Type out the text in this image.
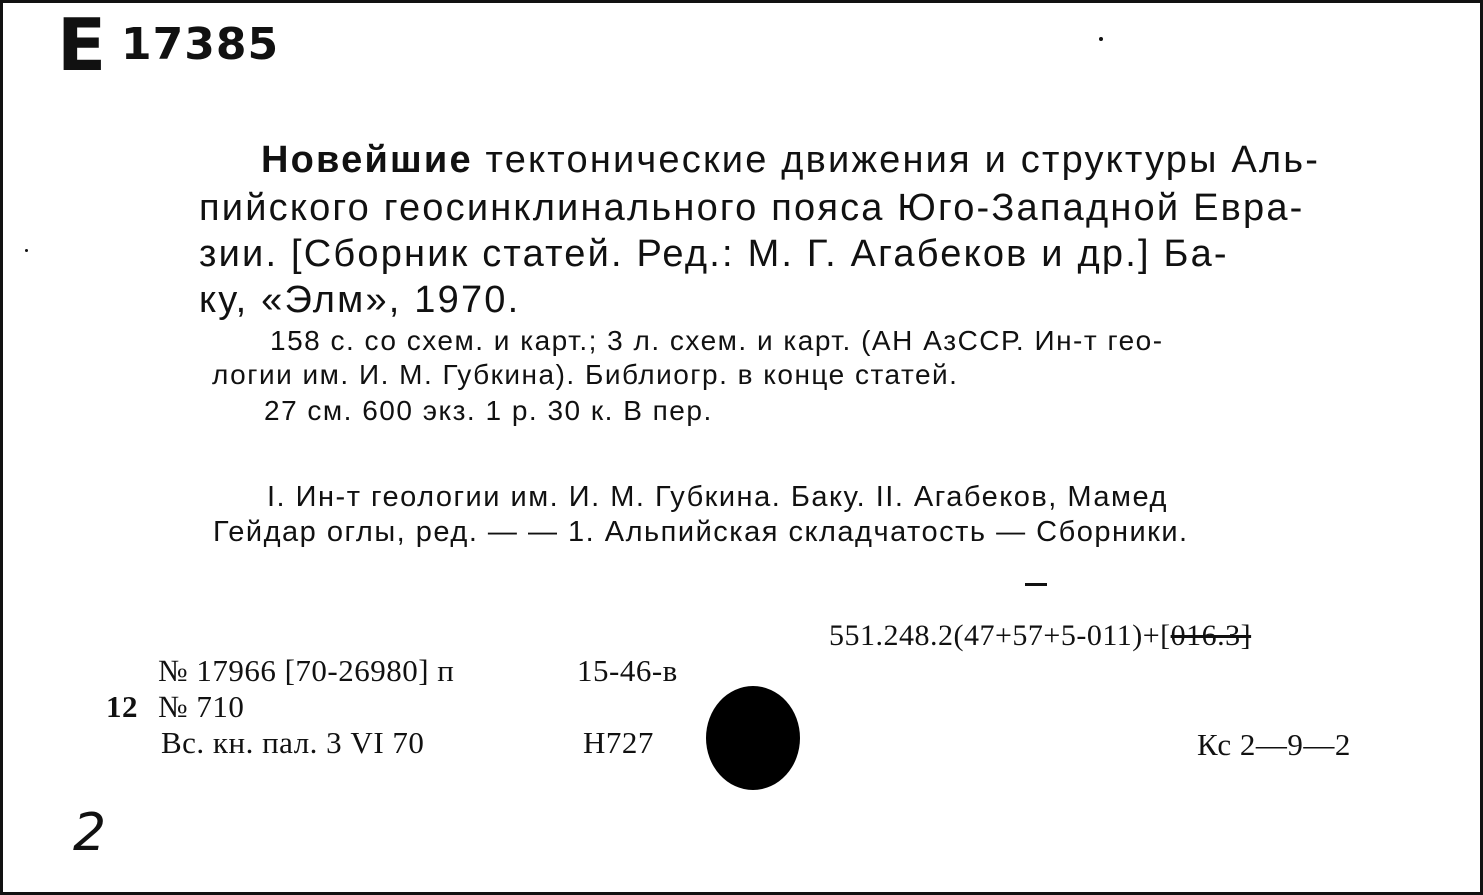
Е 17385
Новейшие тектонические движения и структуры Аль-
пийского геосинклинального пояса Юго-Западной Евра-
зии. [Сборник статей. Ред.: М. Г. Агабеков и др.] Ба-
ку, «Элм», 1970.
158 с. со схем. и карт.; 3 л. схем. и карт. (АН АзССР. Ин-т гео-
логии им. И. М. Губкина). Библиогр. в конце статей.
27 см. 600 экз. 1 р. 30 к. В пер.
I. Ин-т геологии им. И. М. Губкина. Баку. II. Агабеков, Мамед
Гейдар оглы, ред. — — 1. Альпийская складчатость — Сборники.
551.248.2(47+57+5-011)+[016.3]
№ 17966 [70-26980] п	15-46-в
12 № 710
Вс. кн. пал. 3 VI 70	Н727	Кс 2—9—2
2
